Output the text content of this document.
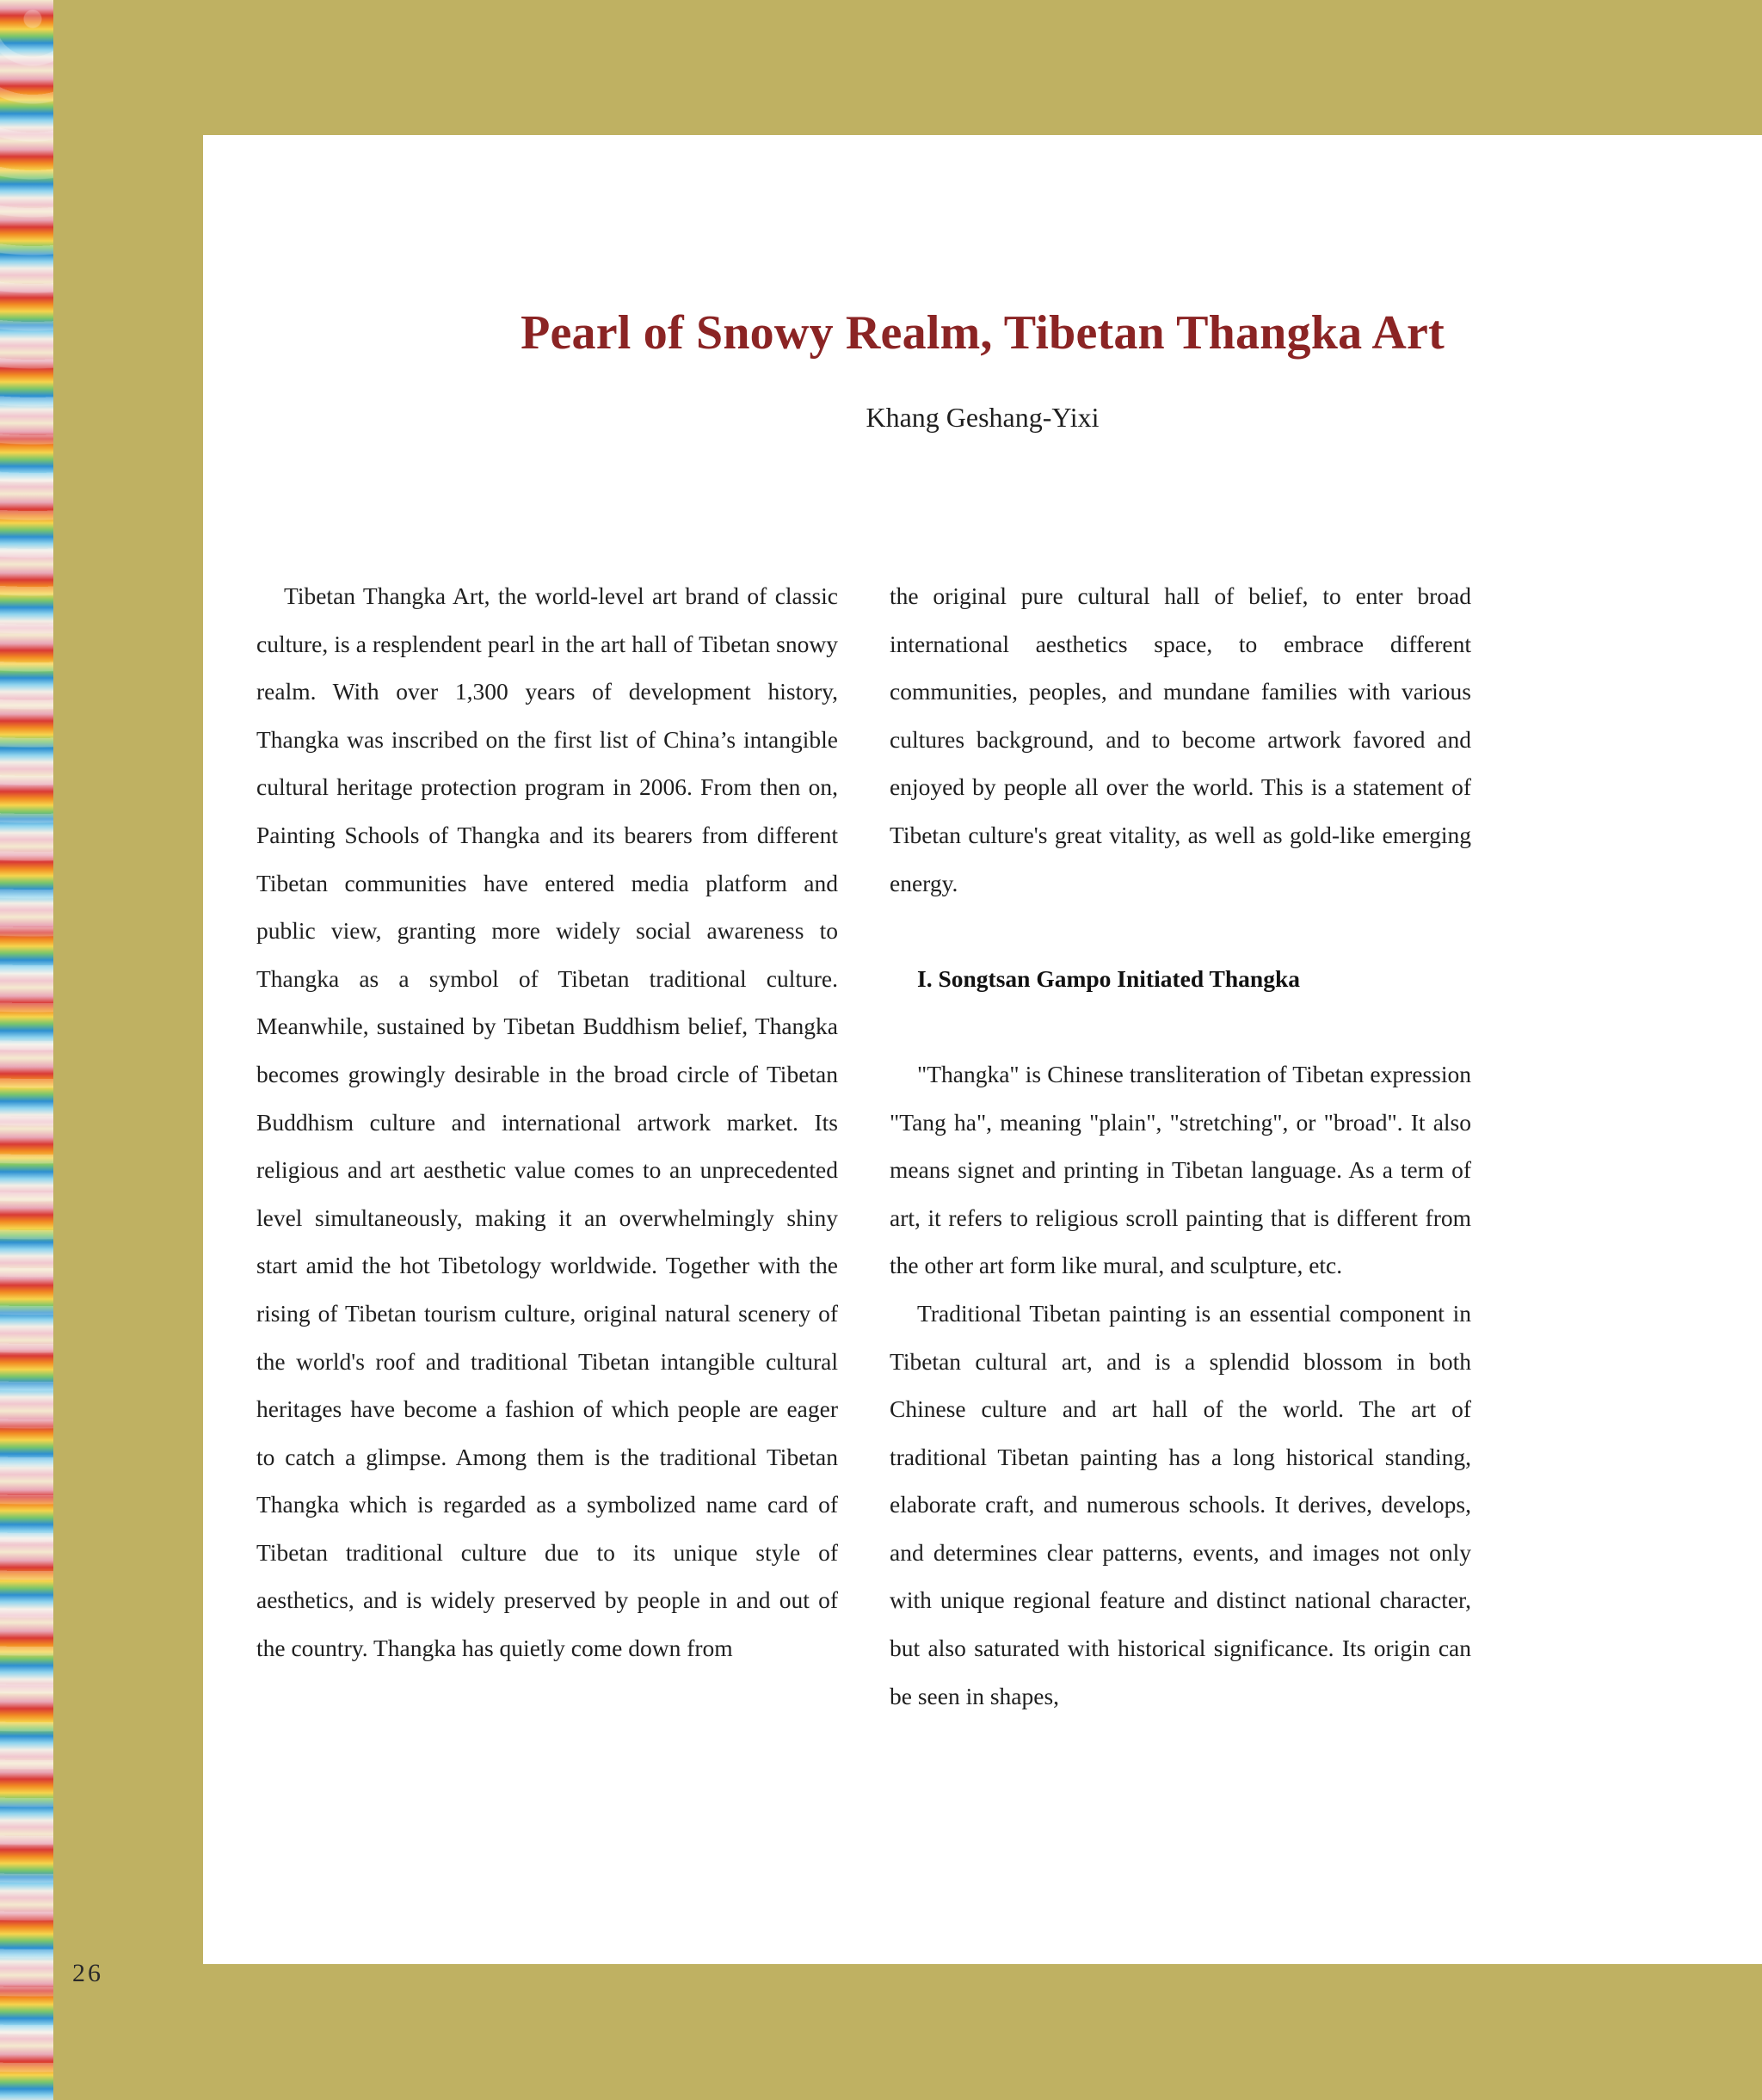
Pearl of Snowy Realm, Tibetan Thangka Art
Khang Geshang-Yixi

Tibetan Thangka Art, the world-level art brand of classic culture, is a resplendent pearl in the art hall of Tibetan snowy realm. With over 1,300 years of development history, Thangka was inscribed on the first list of China’s intangible cultural heritage protection program in 2006. From then on, Painting Schools of Thangka and its bearers from different Tibetan communities have entered media platform and public view, granting more widely social awareness to Thangka as a symbol of Tibetan traditional culture. Meanwhile, sustained by Tibetan Buddhism belief, Thangka becomes growingly desirable in the broad circle of Tibetan Buddhism culture and international artwork market. Its religious and art aesthetic value comes to an unprecedented level simultaneously, making it an overwhelmingly shiny start amid the hot Tibetology worldwide. Together with the rising of Tibetan tourism culture, original natural scenery of the world's roof and traditional Tibetan intangible cultural heritages have become a fashion of which people are eager to catch a glimpse. Among them is the traditional Tibetan Thangka which is regarded as a symbolized name card of Tibetan traditional culture due to its unique style of aesthetics, and is widely preserved by people in and out of the country. Thangka has quietly come down from

the original pure cultural hall of belief, to enter broad international aesthetics space, to embrace different communities, peoples, and mundane families with various cultures background, and to become artwork favored and enjoyed by people all over the world. This is a statement of Tibetan culture's great vitality, as well as gold-like emerging energy.

I. Songtsan Gampo Initiated Thangka

"Thangka" is Chinese transliteration of Tibetan expression "Tang ha", meaning "plain", "stretching", or "broad". It also means signet and printing in Tibetan language. As a term of art, it refers to religious scroll painting that is different from the other art form like mural, and sculpture, etc.

Traditional Tibetan painting is an essential component in Tibetan cultural art, and is a splendid blossom in both Chinese culture and art hall of the world. The art of traditional Tibetan painting has a long historical standing, elaborate craft, and numerous schools. It derives, develops, and determines clear patterns, events, and images not only with unique regional feature and distinct national character, but also saturated with historical significance. Its origin can be seen in shapes,

26
